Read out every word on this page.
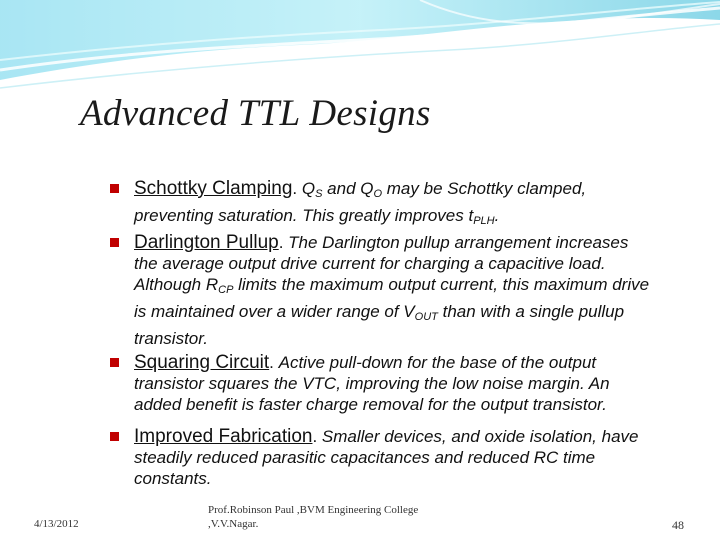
Advanced TTL Designs
Schottky Clamping. $Q_S$ and $Q_O$ may be Schottky clamped, preventing saturation. This greatly improves $t_{PLH}$.
Darlington Pullup. The Darlington pullup arrangement increases the average output drive current for charging a capacitive load. Although $R_{CP}$ limits the maximum output current, this maximum drive is maintained over a wider range of $V_{OUT}$ than with a single pullup transistor.
Squaring Circuit. Active pull-down for the base of the output transistor squares the VTC, improving the low noise margin. An added benefit is faster charge removal for the output transistor.
Improved Fabrication. Smaller devices, and oxide isolation, have steadily reduced parasitic capacitances and reduced RC time constants.
4/13/2012
Prof.Robinson Paul ,BVM Engineering College
,V.V.Nagar.	48
